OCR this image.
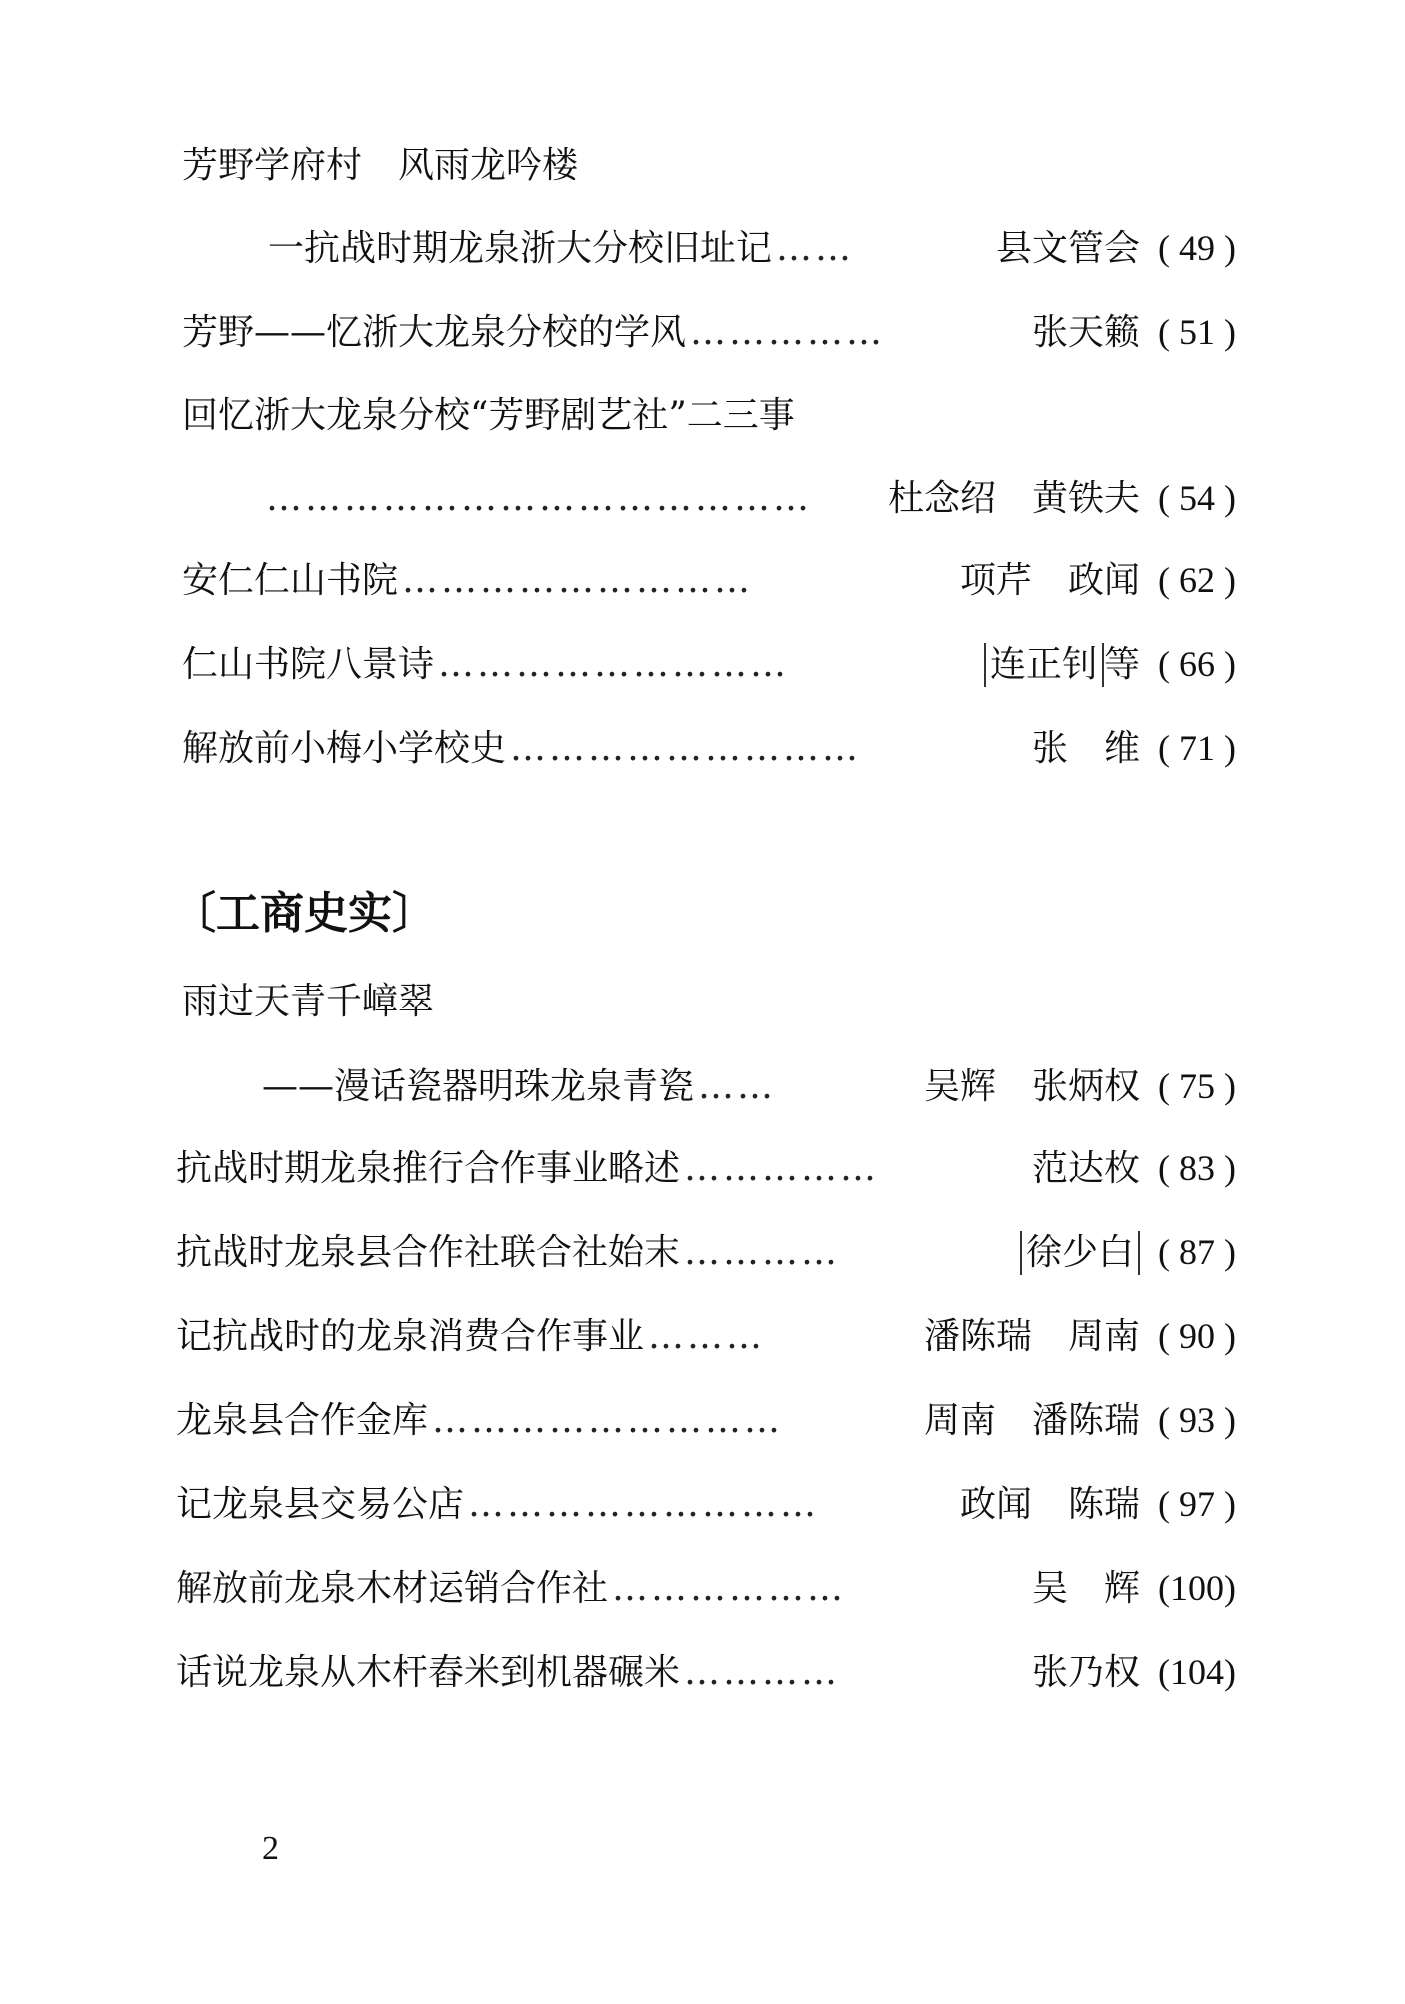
芳野学府村　风雨龙吟楼
一抗战时期龙泉浙大分校旧址记 ……	县文管会 ( 49 )
芳野——忆浙大龙泉分校的学风 ……………	张天籁 ( 51 )
回忆浙大龙泉分校“芳野剧艺社”二三事
……………………………………	杜念绍　黄铁夫 ( 54 )
安仁仁山书院 ………………………	项芹　政闻 ( 62 )
仁山书院八景诗 ………………………	连正钊 等 ( 66 )
解放前小梅小学校史 ………………………	张　维 ( 71 )
〔工商史实〕
雨过天青千嶂翠
——漫话瓷器明珠龙泉青瓷 ……	吴辉　张炳权 ( 75 )
抗战时期龙泉推行合作事业略述 ……………	范达枚 ( 83 )
抗战时龙泉县合作社联合社始末 …………	徐少白 ( 87 )
记抗战时的龙泉消费合作事业 ………	潘陈瑞　周南 ( 90 )
龙泉县合作金库 ………………………	周南　潘陈瑞 ( 93 )
记龙泉县交易公店 ………………………	政闻　陈瑞 ( 97 )
解放前龙泉木材运销合作社 ………………	吴　辉 (100)
话说龙泉从木杆舂米到机器碾米 …………	张乃权 (104)
2
